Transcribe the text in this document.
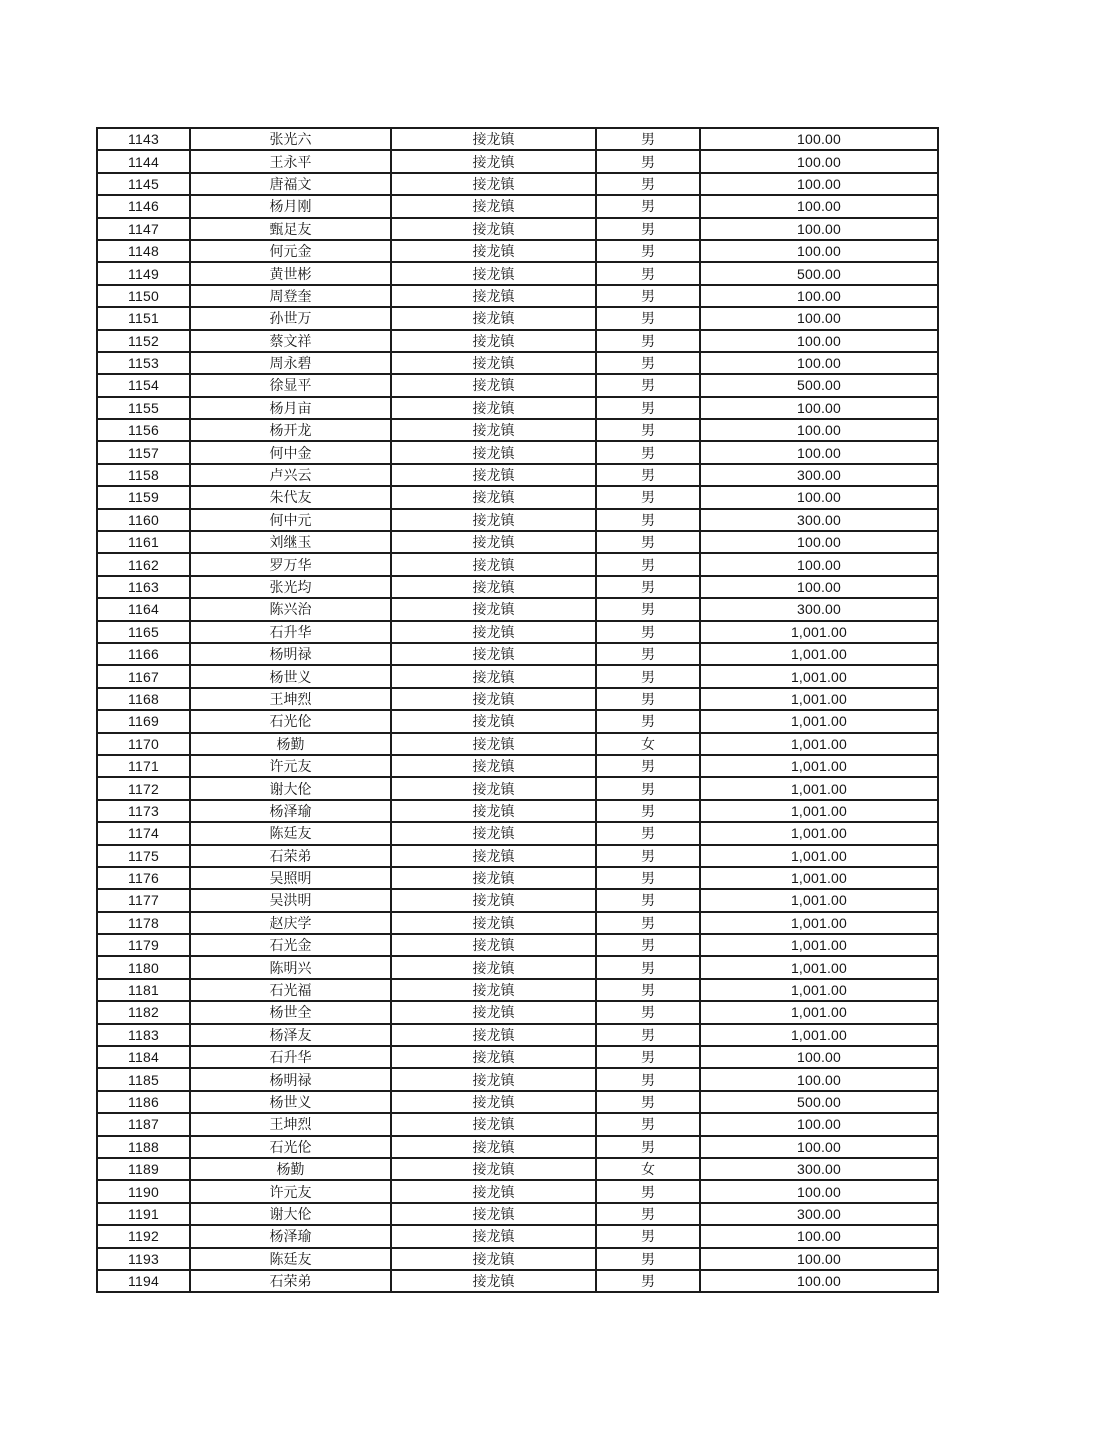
1143	张光六	接龙镇	男	100.00
1144	王永平	接龙镇	男	100.00
1145	唐福文	接龙镇	男	100.00
1146	杨月刚	接龙镇	男	100.00
1147	甄足友	接龙镇	男	100.00
1148	何元金	接龙镇	男	100.00
1149	黄世彬	接龙镇	男	500.00
1150	周登奎	接龙镇	男	100.00
1151	孙世万	接龙镇	男	100.00
1152	蔡文祥	接龙镇	男	100.00
1153	周永碧	接龙镇	男	100.00
1154	徐显平	接龙镇	男	500.00
1155	杨月亩	接龙镇	男	100.00
1156	杨开龙	接龙镇	男	100.00
1157	何中金	接龙镇	男	100.00
1158	卢兴云	接龙镇	男	300.00
1159	朱代友	接龙镇	男	100.00
1160	何中元	接龙镇	男	300.00
1161	刘继玉	接龙镇	男	100.00
1162	罗万华	接龙镇	男	100.00
1163	张光均	接龙镇	男	100.00
1164	陈兴治	接龙镇	男	300.00
1165	石升华	接龙镇	男	1,001.00
1166	杨明禄	接龙镇	男	1,001.00
1167	杨世义	接龙镇	男	1,001.00
1168	王坤烈	接龙镇	男	1,001.00
1169	石光伦	接龙镇	男	1,001.00
1170	杨勤	接龙镇	女	1,001.00
1171	许元友	接龙镇	男	1,001.00
1172	谢大伦	接龙镇	男	1,001.00
1173	杨泽瑜	接龙镇	男	1,001.00
1174	陈廷友	接龙镇	男	1,001.00
1175	石荣弟	接龙镇	男	1,001.00
1176	吴照明	接龙镇	男	1,001.00
1177	吴洪明	接龙镇	男	1,001.00
1178	赵庆学	接龙镇	男	1,001.00
1179	石光金	接龙镇	男	1,001.00
1180	陈明兴	接龙镇	男	1,001.00
1181	石光福	接龙镇	男	1,001.00
1182	杨世全	接龙镇	男	1,001.00
1183	杨泽友	接龙镇	男	1,001.00
1184	石升华	接龙镇	男	100.00
1185	杨明禄	接龙镇	男	100.00
1186	杨世义	接龙镇	男	500.00
1187	王坤烈	接龙镇	男	100.00
1188	石光伦	接龙镇	男	100.00
1189	杨勤	接龙镇	女	300.00
1190	许元友	接龙镇	男	100.00
1191	谢大伦	接龙镇	男	300.00
1192	杨泽瑜	接龙镇	男	100.00
1193	陈廷友	接龙镇	男	100.00
1194	石荣弟	接龙镇	男	100.00
